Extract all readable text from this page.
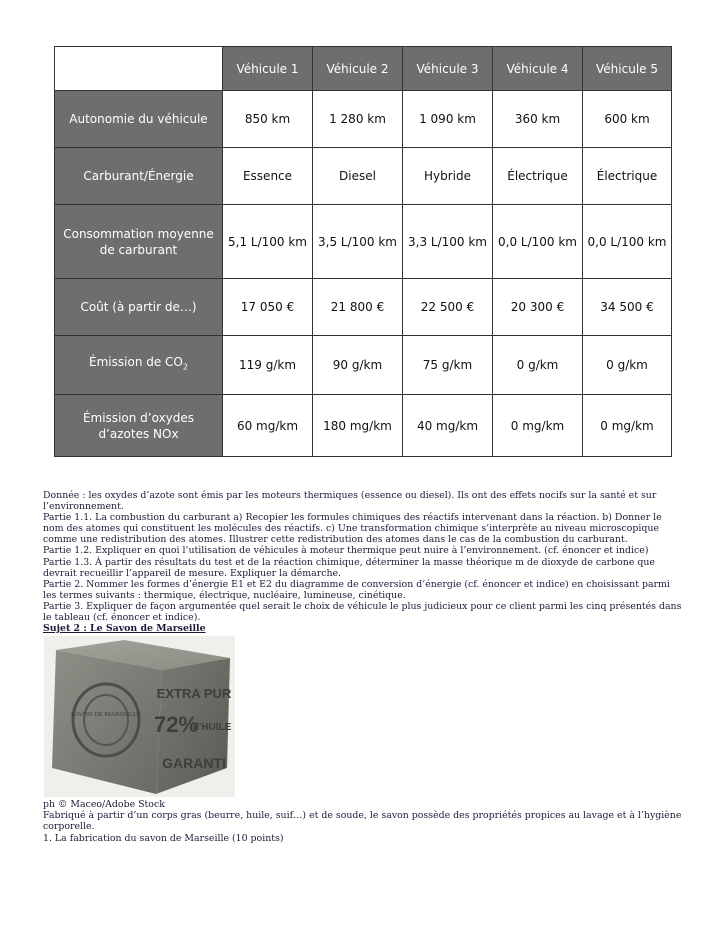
	Véhicule 1	Véhicule 2	Véhicule 3	Véhicule 4	Véhicule 5
Autonomie du véhicule	850 km	1 280 km	1 090 km	360 km	600 km
Carburant/Énergie	Essence	Diesel	Hybride	Électrique	Électrique
Consommation moyenne de carburant	5,1 L/100 km	3,5 L/100 km	3,3 L/100 km	0,0 L/100 km	0,0 L/100 km
Coût (à partir de…)	17 050 €	21 800 €	22 500 €	20 300 €	34 500 €
Émission de $CO_2$	119 g/km	90 g/km	75 g/km	0 g/km	0 g/km
Émission d’oxydes d’azotes NOx	60 mg/km	180 mg/km	40 mg/km	0 mg/km	0 mg/km

Donnée : les oxydes d’azote sont émis par les moteurs thermiques (essence ou diesel). Ils ont des effets nocifs sur la santé et sur l’environnement.

Partie 1.1. La combustion du carburant a) Recopier les formules chimiques des réactifs intervenant dans la réaction. b) Donner le nom des atomes qui constituent les molécules des réactifs. c) Une transformation chimique s’interprète au niveau microscopique comme une redistribution des atomes. Illustrer cette redistribution des atomes dans le cas de la combustion du carburant.

Partie 1.2. Expliquer en quoi l’utilisation de véhicules à moteur thermique peut nuire à l’environnement. (cf. énoncer et indice)

Partie 1.3. À partir des résultats du test et de la réaction chimique, déterminer la masse théorique m de dioxyde de carbone que devrait recueillir l’appareil de mesure. Expliquer la démarche.

Partie 2. Nommer les formes d’énergie E1 et E2 du diagramme de conversion d’énergie (cf. énoncer et indice) en choisissant parmi les termes suivants : thermique, électrique, nucléaire, lumineuse, cinétique.

Partie 3. Expliquer de façon argumentée quel serait le choix de véhicule le plus judicieux pour ce client parmi les cinq présentés dans le tableau (cf. énoncer et indice).

Sujet 2 : Le Savon de Marseille

SAVON DE MARSEILLE
EXTRA PUR
72%
d'HUILE
GARANTI

ph © Maceo/Adobe Stock

Fabriqué à partir d’un corps gras (beurre, huile, suif…) et de soude, le savon possède des propriétés propices au lavage et à l’hygiène corporelle.

1. La fabrication du savon de Marseille (10 points)
